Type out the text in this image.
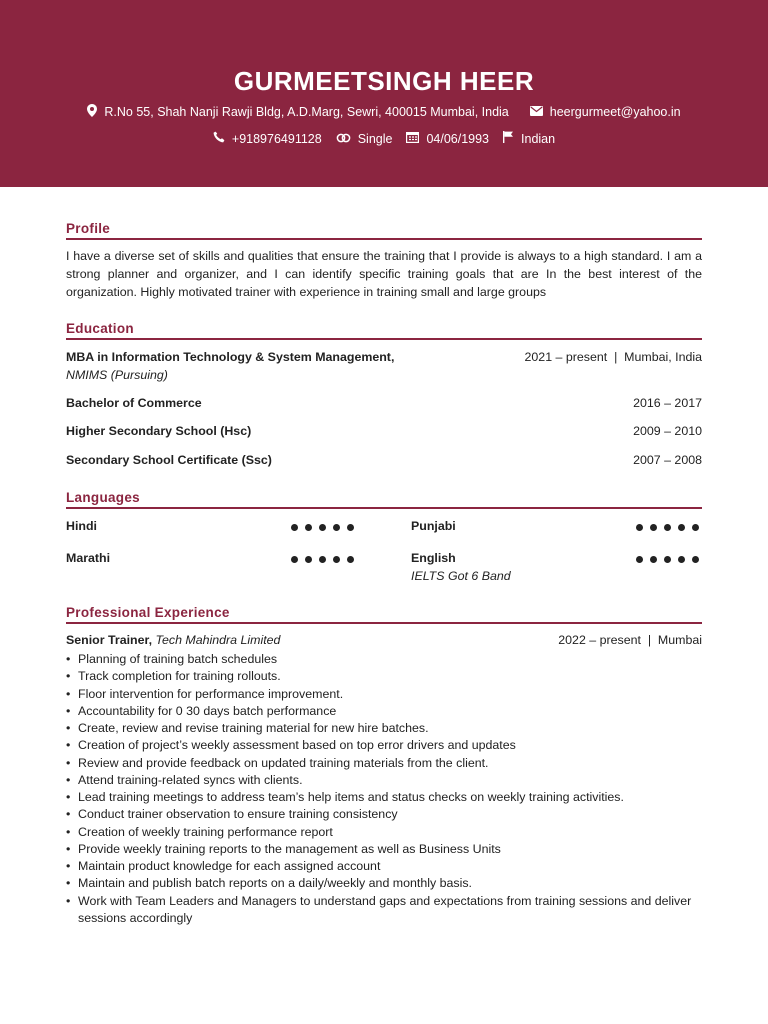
GURMEETSINGH HEER
R.No 55, Shah Nanji Rawji Bldg, A.D.Marg, Sewri, 400015 Mumbai, India	heergurmeet@yahoo.in
+918976491128	Single	04/06/1993	Indian
Profile

I have a diverse set of skills and qualities that ensure the training that I provide is always to a high standard. I am a strong planner and organizer, and I can identify specific training goals that are In the best interest of the organization. Highly motivated trainer with experience in training small and large groups

Education
MBA in Information Technology & System Management,
NMIMS (Pursuing)
2021 – present  |  Mumbai, India
Bachelor of Commerce	2016 – 2017
Higher Secondary School (Hsc)	2009 – 2010
Secondary School Certificate (Ssc)	2007 – 2008
Languages
Hindi	Punjabi
Marathi	English
IELTS Got 6 Band
Professional Experience
Senior Trainer, Tech Mahindra Limited	2022 – present  |  Mumbai
• Planning of training batch schedules
• Track completion for training rollouts.
• Floor intervention for performance improvement.
• Accountability for 0 30 days batch performance
• Create, review and revise training material for new hire batches.
• Creation of project’s weekly assessment based on top error drivers and updates
• Review and provide feedback on updated training materials from the client.
• Attend training-related syncs with clients.
• Lead training meetings to address team’s help items and status checks on weekly training activities.
• Conduct trainer observation to ensure training consistency
• Creation of weekly training performance report
• Provide weekly training reports to the management as well as Business Units
• Maintain product knowledge for each assigned account
• Maintain and publish batch reports on a daily/weekly and monthly basis.
• Work with Team Leaders and Managers to understand gaps and expectations from training sessions and deliver sessions accordingly
